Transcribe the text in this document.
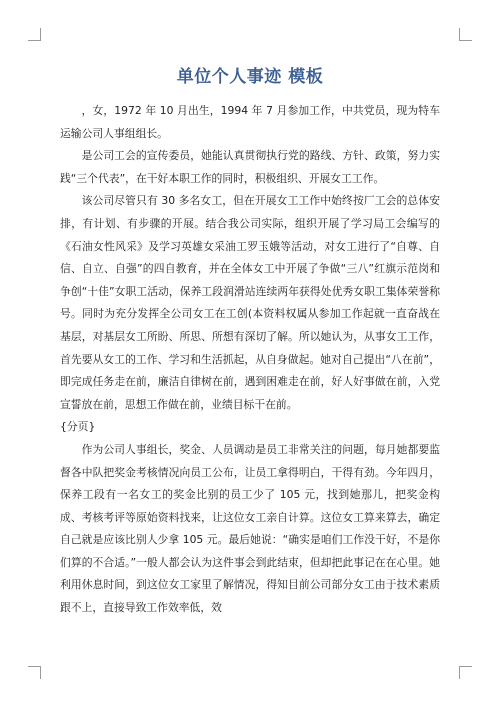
单位个人事迹 模板

，女，1972 年 10 月出生，1994 年 7 月参加工作，中共党员，现为特车运输公司人事组组长。

是公司工会的宣传委员，她能认真贯彻执行党的路线、方针、政策，努力实践“三个代表”，在干好本职工作的同时，积极组织、开展女工工作。

该公司尽管只有 30 多名女工，但在开展女工工作中始终按厂工会的总体安排，有计划、有步骤的开展。结合我公司实际，组织开展了学习局工会编写的《石油女性风采》及学习英雄女采油工罗玉娥等活动，对女工进行了“自尊、自信、自立、自强”的四自教育，并在全体女工中开展了争做“三八”红旗示范岗和争创“十佳”女职工活动，保养工段润滑站连续两年获得处优秀女职工集体荣誉称号。同时为充分发挥全公司女工在工创(本资料权属从参加工作起就一直奋战在基层，对基层女工所盼、所思、所想有深切了解。所以她认为，从事女工工作，首先要从女工的工作、学习和生活抓起，从自身做起。她对自己提出“八在前”，即完成任务走在前，廉洁自律树在前，遇到困难走在前，好人好事做在前，入党宣誓放在前，思想工作做在前，业绩目标干在前。

{分页}

作为公司人事组长，奖金、人员调动是员工非常关注的问题，每月她都要监督各中队把奖金考核情况向员工公布，让员工拿得明白，干得有劲。今年四月，保养工段有一名女工的奖金比别的员工少了 105 元，找到她那儿，把奖金构成、考核考评等原始资料找来，让这位女工亲自计算。这位女工算来算去，确定自己就是应该比别人少拿 105 元。最后她说：“确实是咱们工作没干好，不是你们算的不合适。”一般人都会认为这件事会到此结束，但却把此事记在在心里。她利用休息时间，到这位女工家里了解情况，得知目前公司部分女工由于技术素质跟不上，直接导致工作效率低，效
